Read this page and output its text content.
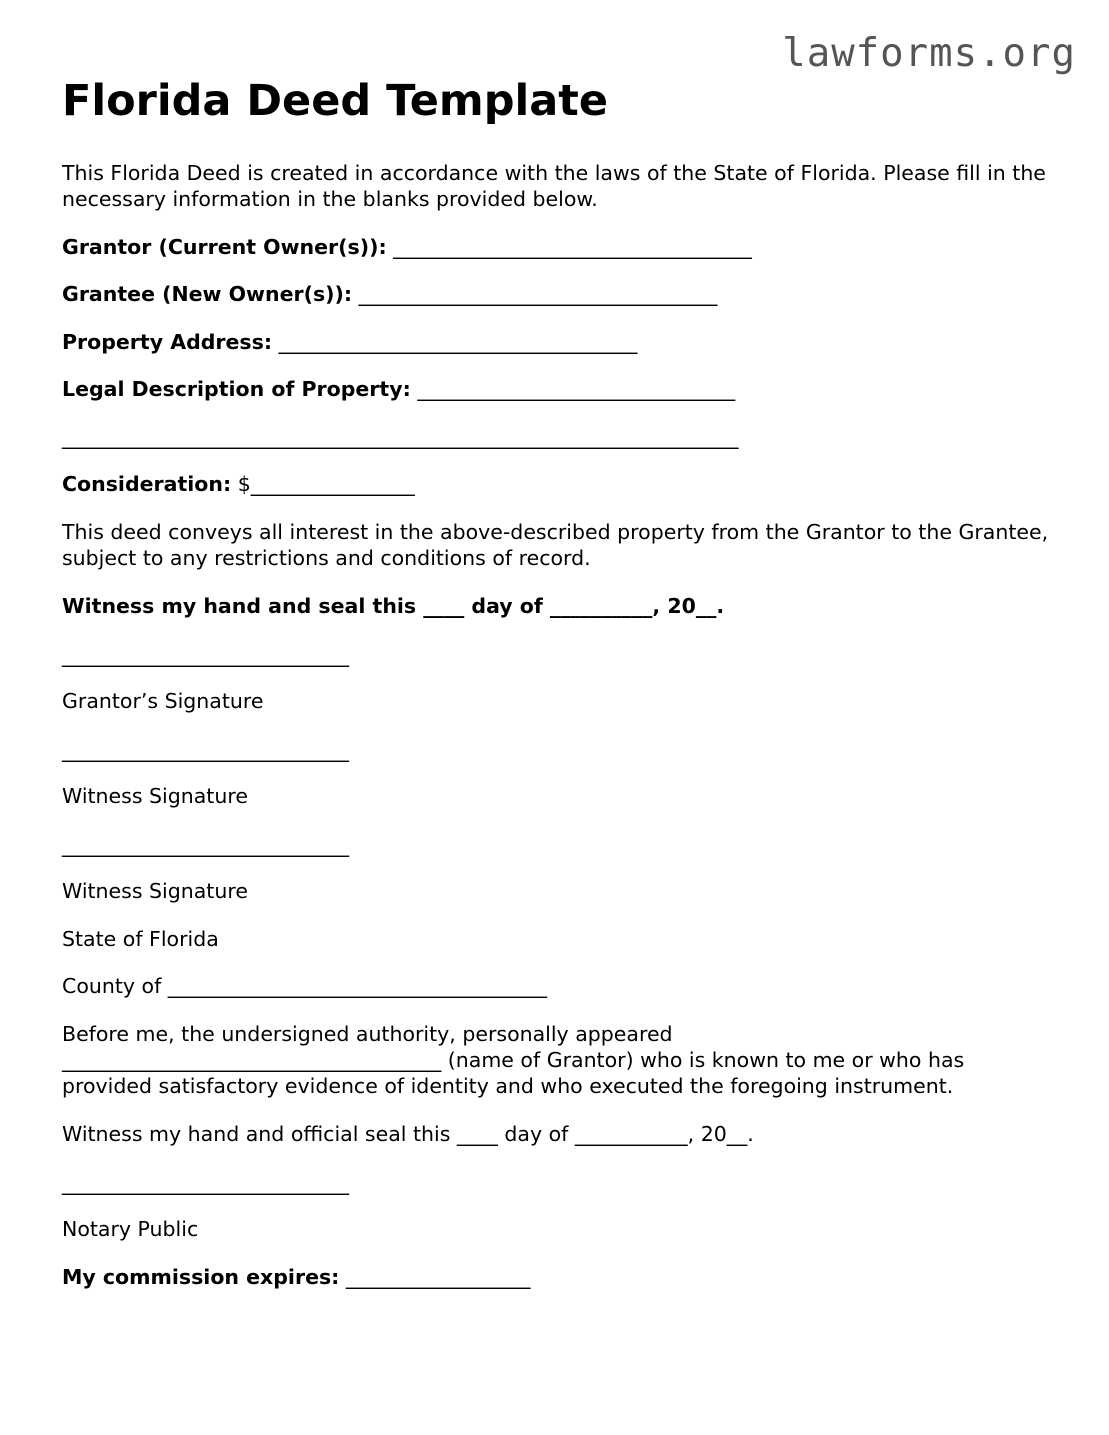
lawforms.org
Florida Deed Template

This Florida Deed is created in accordance with the laws of the State of Florida. Please fill in the necessary information in the blanks provided below.

Grantor (Current Owner(s)): ___________________________________

Grantee (New Owner(s)): ___________________________________

Property Address: ___________________________________

Legal Description of Property: _______________________________

__________________________________________________________________

Consideration: $________________

This deed conveys all interest in the above-described property from the Grantor to the Grantee, subject to any restrictions and conditions of record.

Witness my hand and seal this ____ day of __________, 20__.

____________________________

Grantor’s Signature

____________________________

Witness Signature

____________________________

Witness Signature

State of Florida

County of _____________________________________

Before me, the undersigned authority, personally appeared _____________________________________ (name of Grantor) who is known to me or who has provided satisfactory evidence of identity and who executed the foregoing instrument.

Witness my hand and official seal this ____ day of ___________, 20__.

____________________________

Notary Public

My commission expires: __________________
